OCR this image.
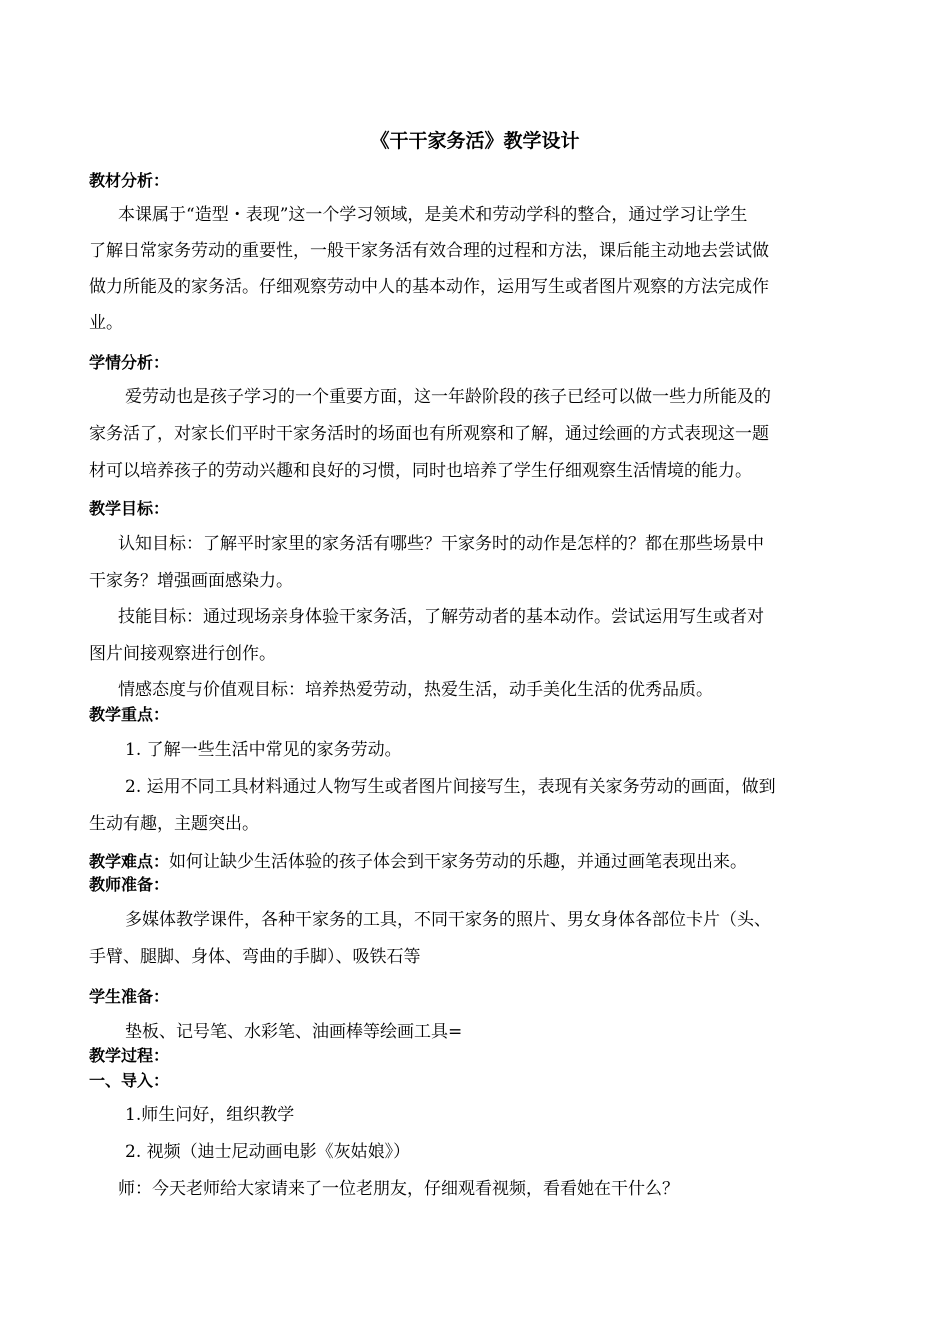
《干干家务活》教学设计
教材分析：
本课属于“造型・表现”这一个学习领域，是美术和劳动学科的整合，通过学习让学生
了解日常家务劳动的重要性，一般干家务活有效合理的过程和方法，课后能主动地去尝试做
做力所能及的家务活。仔细观察劳动中人的基本动作，运用写生或者图片观察的方法完成作
业。
学情分析：
爱劳动也是孩子学习的一个重要方面，这一年龄阶段的孩子已经可以做一些力所能及的
家务活了，对家长们平时干家务活时的场面也有所观察和了解，通过绘画的方式表现这一题
材可以培养孩子的劳动兴趣和良好的习惯，同时也培养了学生仔细观察生活情境的能力。
教学目标：
认知目标：了解平时家里的家务活有哪些？干家务时的动作是怎样的？都在那些场景中
干家务？增强画面感染力。
技能目标：通过现场亲身体验干家务活，了解劳动者的基本动作。尝试运用写生或者对
图片间接观察进行创作。
情感态度与价值观目标：培养热爱劳动，热爱生活，动手美化生活的优秀品质。
教学重点：
1. 了解一些生活中常见的家务劳动。
2. 运用不同工具材料通过人物写生或者图片间接写生，表现有关家务劳动的画面，做到
生动有趣，主题突出。
教学难点：如何让缺少生活体验的孩子体会到干家务劳动的乐趣，并通过画笔表现出来。
教师准备：
多媒体教学课件，各种干家务的工具，不同干家务的照片、男女身体各部位卡片（头、
手臂、腿脚、身体、弯曲的手脚）、吸铁石等
学生准备：
垫板、记号笔、水彩笔、油画棒等绘画工具=
教学过程：
一、导入：
1.师生问好，组织教学
2. 视频（迪士尼动画电影《灰姑娘》）
师：今天老师给大家请来了一位老朋友，仔细观看视频，看看她在干什么？
